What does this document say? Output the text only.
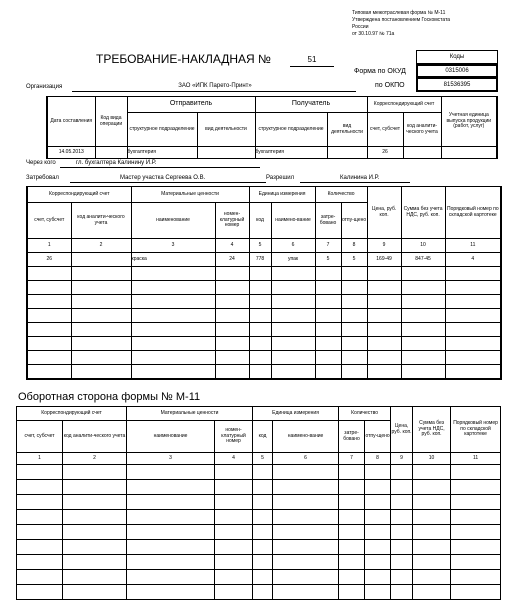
Типовая межотраслевая форма № М-11
Утверждена постановлением Госкомстата
России
от 30.10.97 № 71а
ТРЕБОВАНИЕ-НАКЛАДНАЯ №	51	Коды
Форма по ОКУД	0315006
по ОКПО	81536395
Организация	ЗАО «ИПК Парето-Принт»
Дата составления	Код вида операции	Отправитель		Получатель		Корреспондирующий счет		Учетная единица выпуска продукции (работ, услуг)
		структурное подразделение	вид деятельности	структурное подразделение	вид деятельности	счет, субсчет	код аналити-ческого учета	
14.05.2013		бухгалтерия		бухгалтерия		26		
Через кого	гл. бухгалтера Калинину И.Р.
Затребовал	Мастер участка Сергеева О.В.	Разрешил	Калинина И.Р.
Корреспондирующий счет		Материальные ценности		Единица измерения		Количество		Цена, руб. коп.	Сумма без учета НДС, руб. коп.	Порядковый номер по складской картотеке
счет, субсчет	код аналити-ческого учета	наименование	номен-клатурный номер	код	наимено-вание	затре-бовано	отпу-щено			
1	2	3	4	5	6	7	8	9	10	11
26		краска	24	778	упак	5	5	169-49	847-45	4

Оборотная сторона формы № М-11
Корреспондирующий счет		Материальные ценности		Единица измерения		Количество		Цена, руб. коп.	Сумма без учета НДС, руб. коп.	Порядковый номер по складской картотеке
счет, субсчет	код аналити-ческого учета	наименование	номен-клатурный номер	код	наимено-вание	затре-бовано	отпу-щено			
1	2	3	4	5	6	7	8	9	10	11
